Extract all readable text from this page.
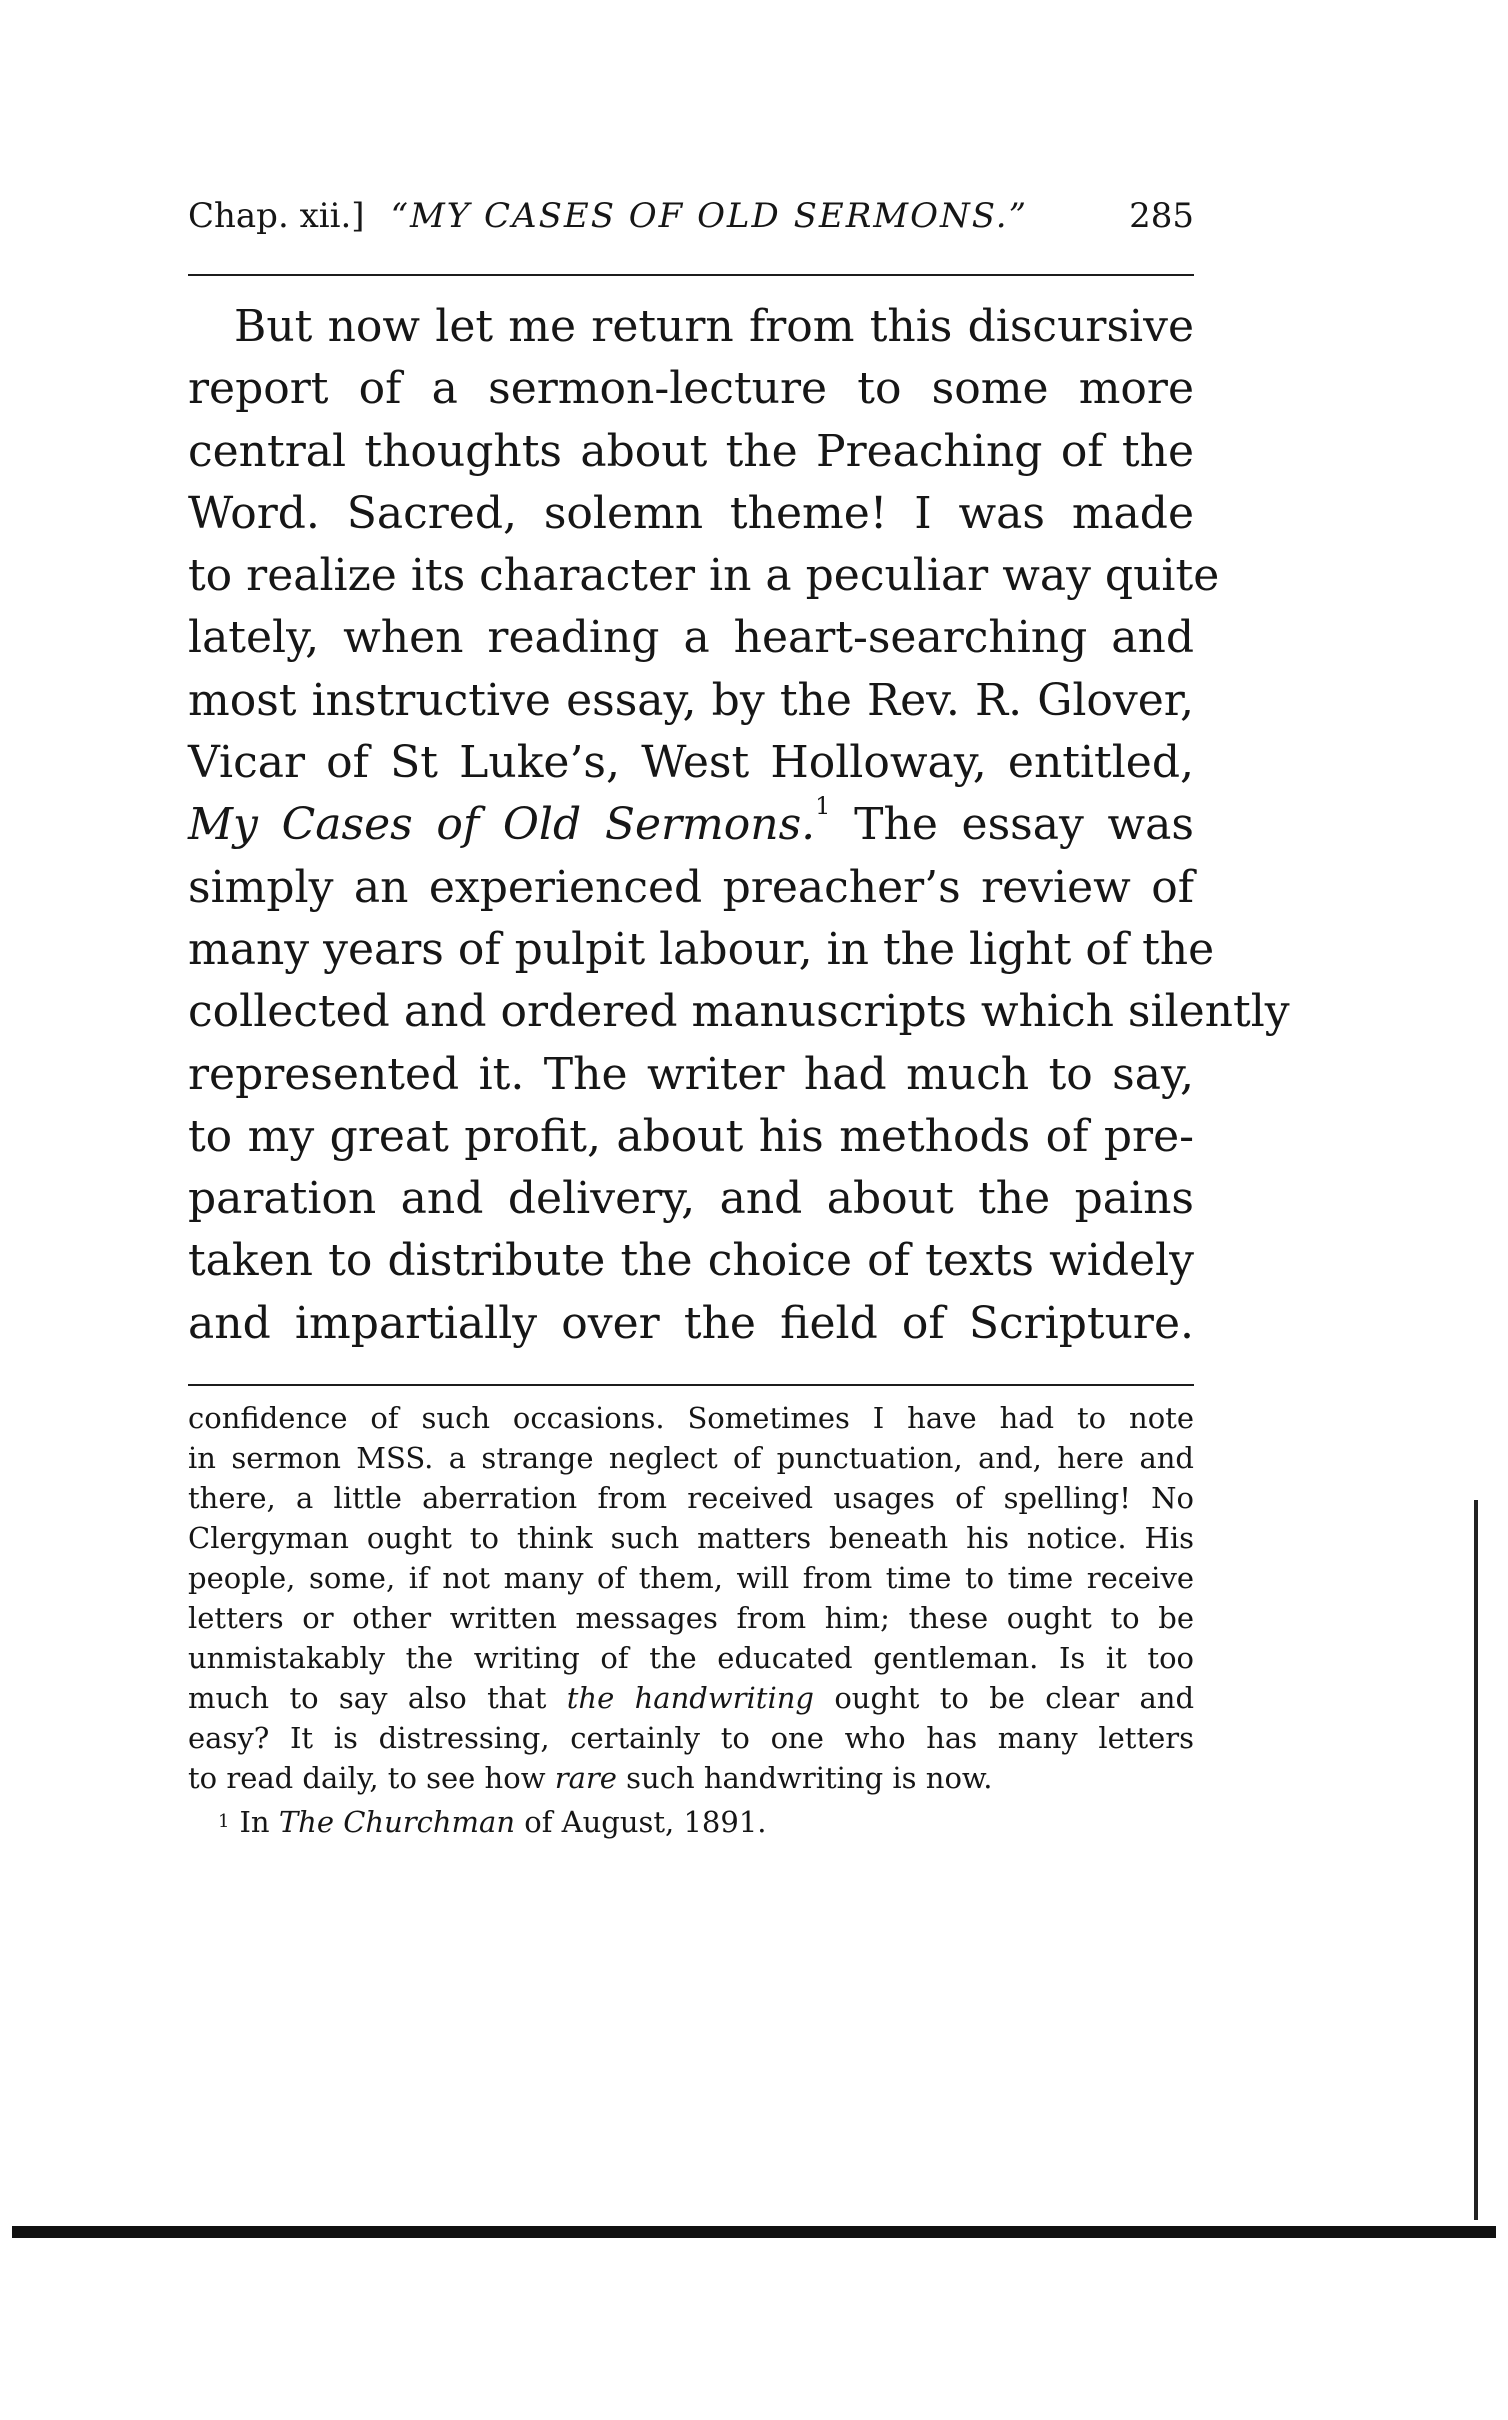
Chap. xii.] “MY CASES OF OLD SERMONS.”	285
But now let me return from this discursive
report of a sermon-lecture to some more
central thoughts about the Preaching of the
Word. Sacred, solemn theme! I was made
to realize its character in a peculiar way quite
lately, when reading a heart-searching and
most instructive essay, by the Rev. R. Glover,
Vicar of St Luke’s, West Holloway, entitled,
My Cases of Old Sermons.$^1$ The essay was
simply an experienced preacher’s review of
many years of pulpit labour, in the light of the
collected and ordered manuscripts which silently
represented it. The writer had much to say,
to my great profit, about his methods of pre-
paration and delivery, and about the pains
taken to distribute the choice of texts widely
and impartially over the field of Scripture.
confidence of such occasions. Sometimes I have had to note
in sermon MSS. a strange neglect of punctuation, and, here and
there, a little aberration from received usages of spelling! No
Clergyman ought to think such matters beneath his notice. His
people, some, if not many of them, will from time to time receive
letters or other written messages from him; these ought to be
unmistakably the writing of the educated gentleman. Is it too
much to say also that the handwriting ought to be clear and
easy? It is distressing, certainly to one who has many letters
to read daily, to see how rare such handwriting is now.
$^1$ In The Churchman of August, 1891.
